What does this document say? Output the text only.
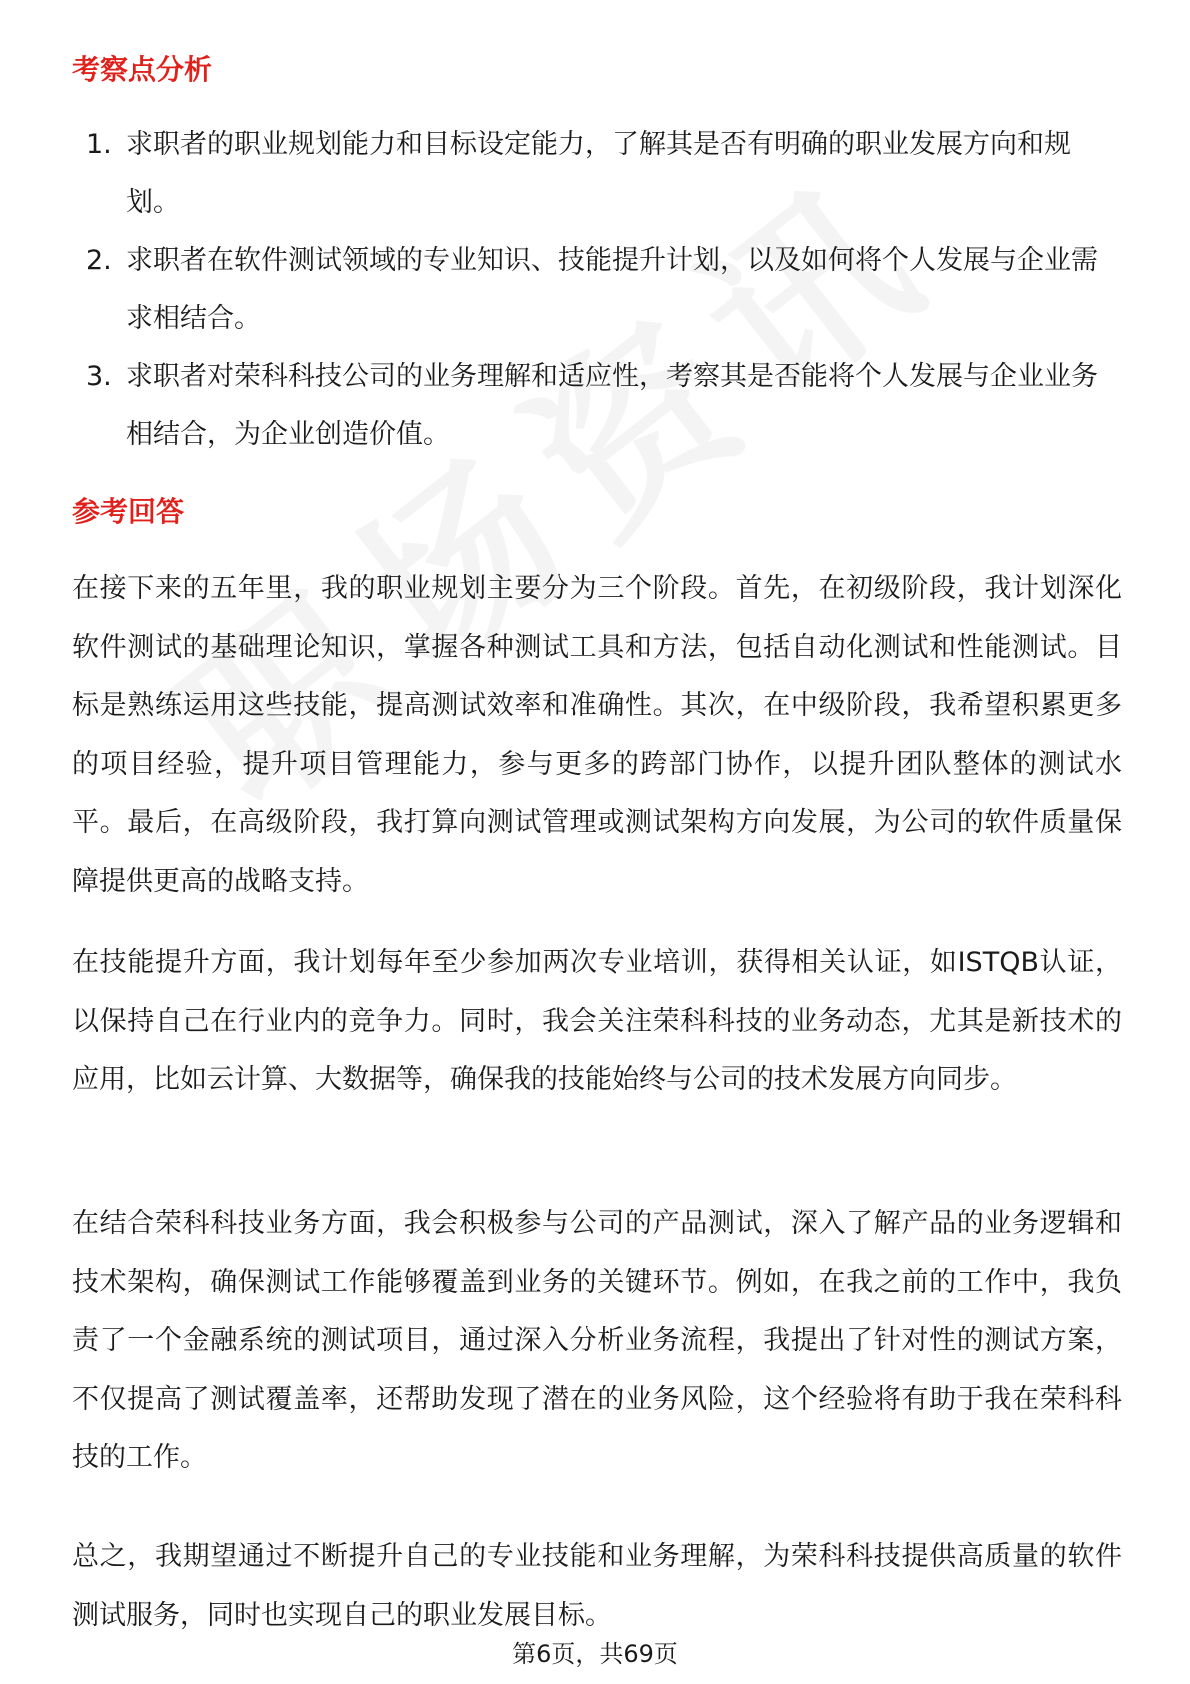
考察点分析
1. 求职者的职业规划能力和目标设定能力，了解其是否有明确的职业发展方向和规划。
2. 求职者在软件测试领域的专业知识、技能提升计划，以及如何将个人发展与企业需求相结合。
3. 求职者对荣科科技公司的业务理解和适应性，考察其是否能将个人发展与企业业务相结合，为企业创造价值。
参考回答

在接下来的五年里，我的职业规划主要分为三个阶段。首先，在初级阶段，我计划深化软件测试的基础理论知识，掌握各种测试工具和方法，包括自动化测试和性能测试。目标是熟练运用这些技能，提高测试效率和准确性。其次，在中级阶段，我希望积累更多的项目经验，提升项目管理能力，参与更多的跨部门协作，以提升团队整体的测试水平。最后，在高级阶段，我打算向测试管理或测试架构方向发展，为公司的软件质量保障提供更高的战略支持。

在技能提升方面，我计划每年至少参加两次专业培训，获得相关认证，如ISTQB认证，以保持自己在行业内的竞争力。同时，我会关注荣科科技的业务动态，尤其是新技术的应用，比如云计算、大数据等，确保我的技能始终与公司的技术发展方向同步。

在结合荣科科技业务方面，我会积极参与公司的产品测试，深入了解产品的业务逻辑和技术架构，确保测试工作能够覆盖到业务的关键环节。例如，在我之前的工作中，我负责了一个金融系统的测试项目，通过深入分析业务流程，我提出了针对性的测试方案，不仅提高了测试覆盖率，还帮助发现了潜在的业务风险，这个经验将有助于我在荣科科技的工作。

总之，我期望通过不断提升自己的专业技能和业务理解，为荣科科技提供高质量的软件测试服务，同时也实现自己的职业发展目标。

第6页，共69页
